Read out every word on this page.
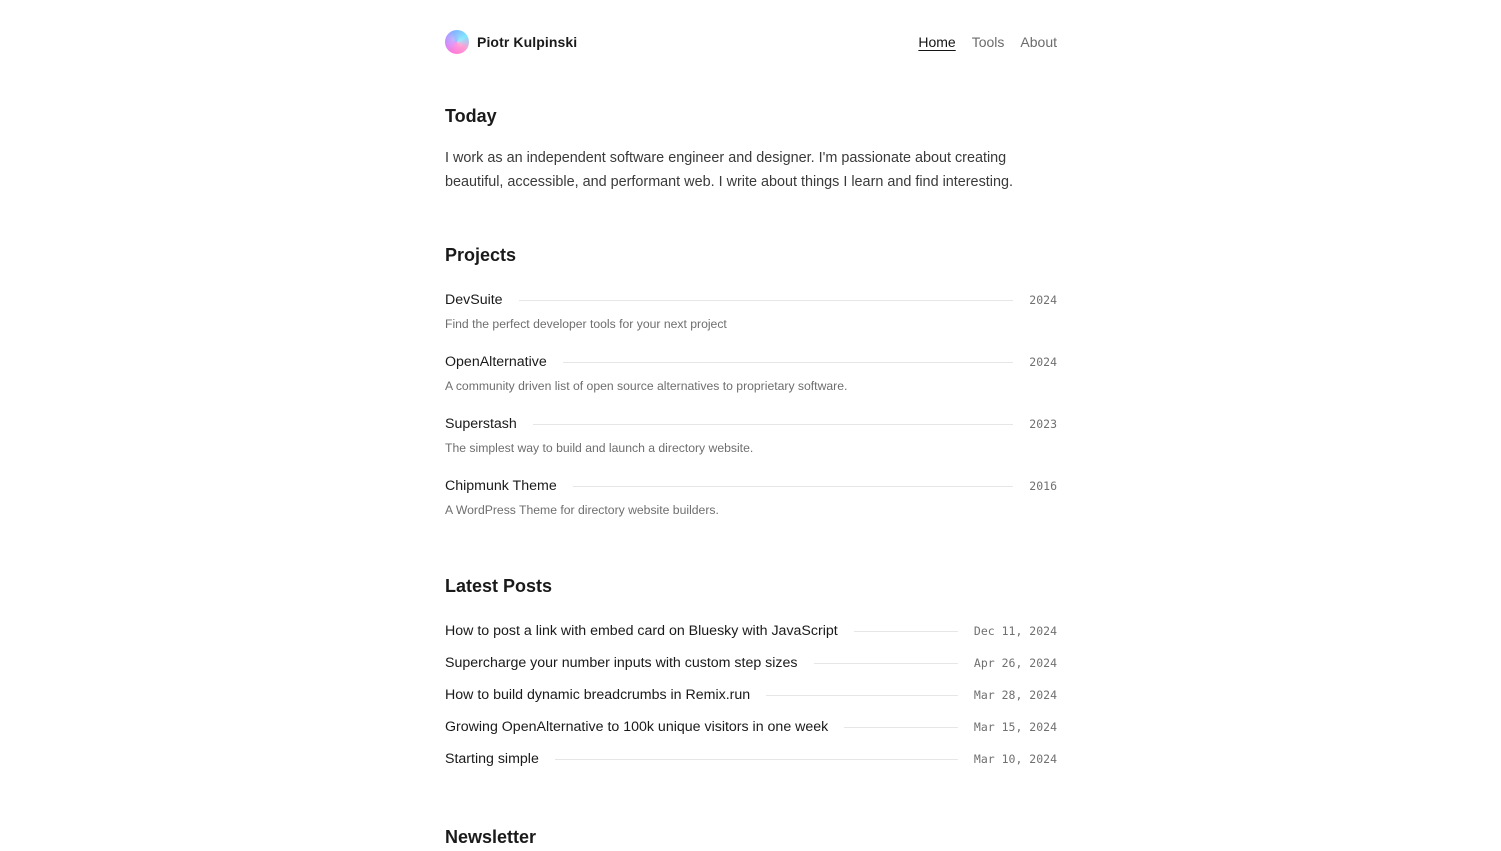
Piotr Kulpinski	Home Tools About
Today

I work as an independent software engineer and designer. I'm passionate about creating beautiful, accessible, and performant web. I write about things I learn and find interesting.

Projects
DevSuite	2024

Find the perfect developer tools for your next project

OpenAlternative	2024

A community driven list of open source alternatives to proprietary software.

Superstash	2023

The simplest way to build and launch a directory website.

Chipmunk Theme	2016

A WordPress Theme for directory website builders.

Latest Posts
How to post a link with embed card on Bluesky with JavaScript	Dec 11, 2024
Supercharge your number inputs with custom step sizes	Apr 26, 2024
How to build dynamic breadcrumbs in Remix.run	Mar 28, 2024
Growing OpenAlternative to 100k unique visitors in one week	Mar 15, 2024
Starting simple	Mar 10, 2024
Newsletter
